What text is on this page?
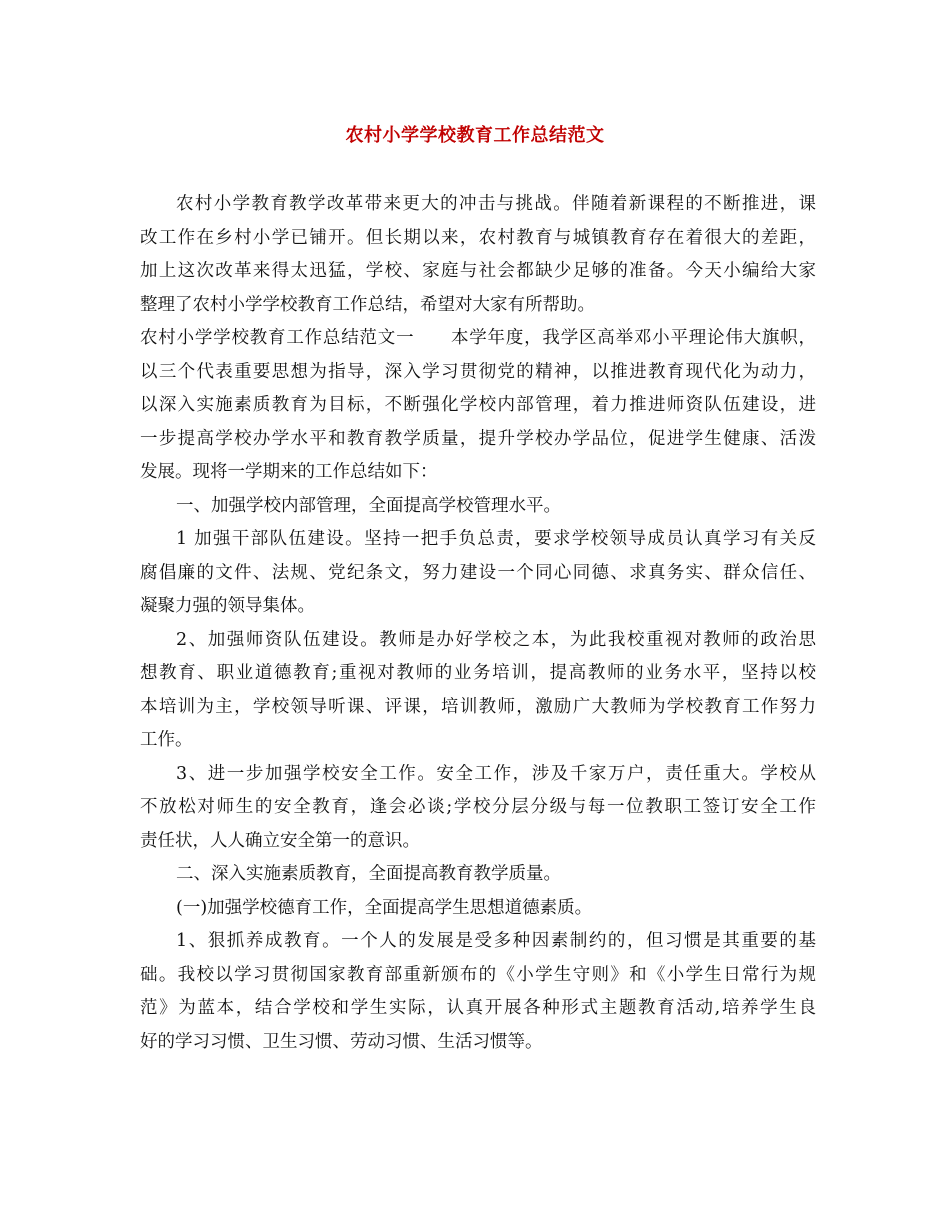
农村小学学校教育工作总结范文
农村小学教育教学改革带来更大的冲击与挑战。伴随着新课程的不断推进，课
改工作在乡村小学已铺开。但长期以来，农村教育与城镇教育存在着很大的差距，
加上这次改革来得太迅猛，学校、家庭与社会都缺少足够的准备。今天小编给大家
整理了农村小学学校教育工作总结，希望对大家有所帮助。
农村小学学校教育工作总结范文一　　本学年度，我学区高举邓小平理论伟大旗帜，
以三个代表重要思想为指导，深入学习贯彻党的精神，以推进教育现代化为动力，
以深入实施素质教育为目标，不断强化学校内部管理，着力推进师资队伍建设，进
一步提高学校办学水平和教育教学质量，提升学校办学品位，促进学生健康、活泼
发展。现将一学期来的工作总结如下：
一、加强学校内部管理，全面提高学校管理水平。
1 加强干部队伍建设。坚持一把手负总责，要求学校领导成员认真学习有关反
腐倡廉的文件、法规、党纪条文，努力建设一个同心同德、求真务实、群众信任、
凝聚力强的领导集体。
2、加强师资队伍建设。教师是办好学校之本，为此我校重视对教师的政治思
想教育、职业道德教育;重视对教师的业务培训，提高教师的业务水平，坚持以校
本培训为主，学校领导听课、评课，培训教师，激励广大教师为学校教育工作努力
工作。
3、进一步加强学校安全工作。安全工作，涉及千家万户，责任重大。学校从
不放松对师生的安全教育，逢会必谈;学校分层分级与每一位教职工签订安全工作
责任状，人人确立安全第一的意识。
二、深入实施素质教育，全面提高教育教学质量。
(一)加强学校德育工作，全面提高学生思想道德素质。
1、狠抓养成教育。一个人的发展是受多种因素制约的，但习惯是其重要的基
础。我校以学习贯彻国家教育部重新颁布的《小学生守则》和《小学生日常行为规
范》为蓝本，结合学校和学生实际，认真开展各种形式主题教育活动,培养学生良
好的学习习惯、卫生习惯、劳动习惯、生活习惯等。
